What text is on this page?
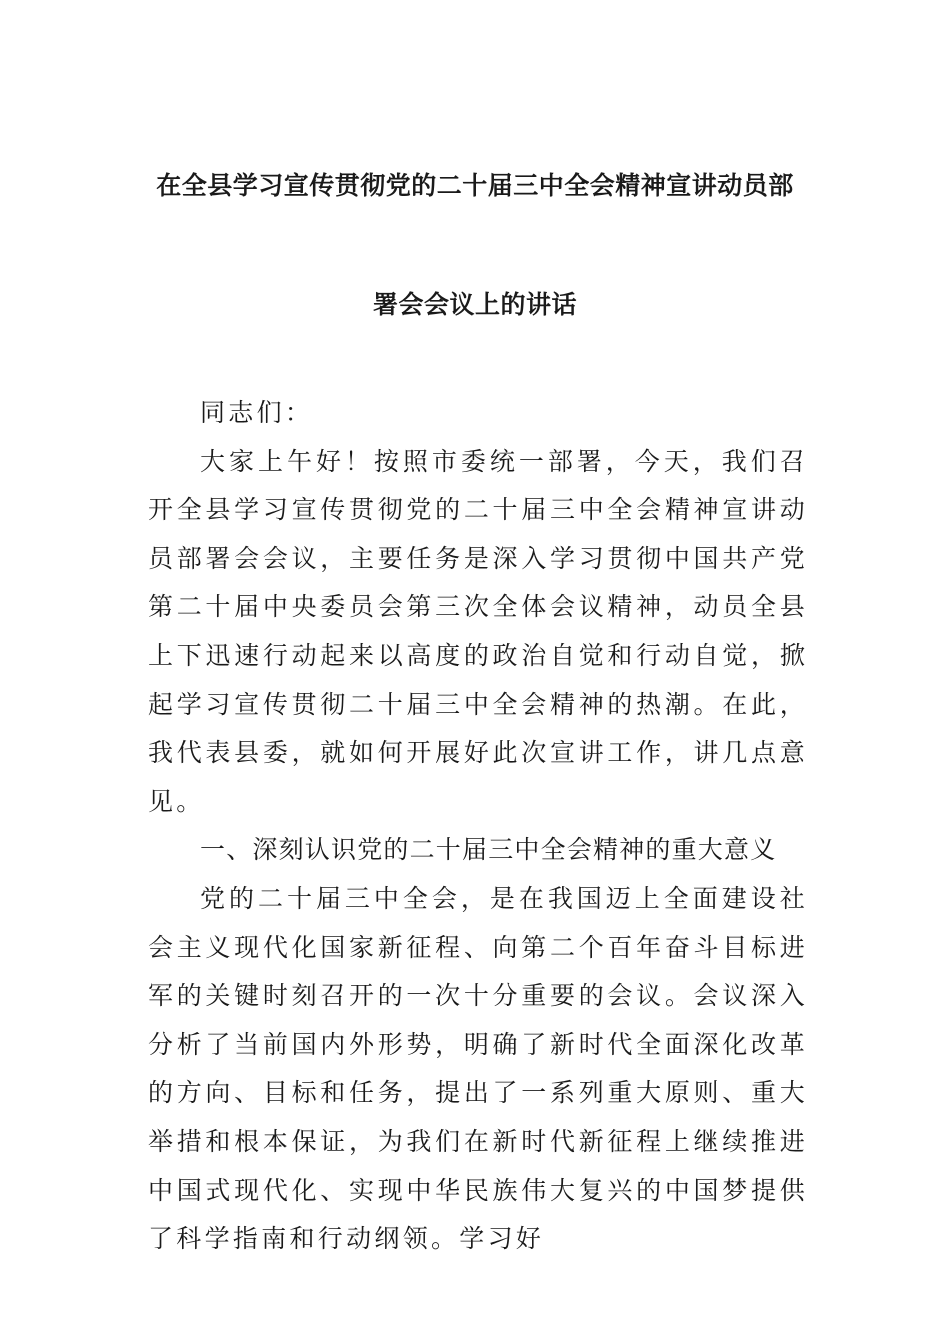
在全县学习宣传贯彻党的二十届三中全会精神宣讲动员部
署会会议上的讲话

同志们：

大家上午好！按照市委统一部署，今天，我们召开全县学习宣传贯彻党的二十届三中全会精神宣讲动员部署会会议，主要任务是深入学习贯彻中国共产党第二十届中央委员会第三次全体会议精神，动员全县上下迅速行动起来以高度的政治自觉和行动自觉，掀起学习宣传贯彻二十届三中全会精神的热潮。在此，我代表县委，就如何开展好此次宣讲工作，讲几点意见。

一、深刻认识党的二十届三中全会精神的重大意义

党的二十届三中全会，是在我国迈上全面建设社会主义现代化国家新征程、向第二个百年奋斗目标进军的关键时刻召开的一次十分重要的会议。会议深入分析了当前国内外形势，明确了新时代全面深化改革的方向、目标和任务，提出了一系列重大原则、重大举措和根本保证，为我们在新时代新征程上继续推进中国式现代化、实现中华民族伟大复兴的中国梦提供了科学指南和行动纲领。学习好
